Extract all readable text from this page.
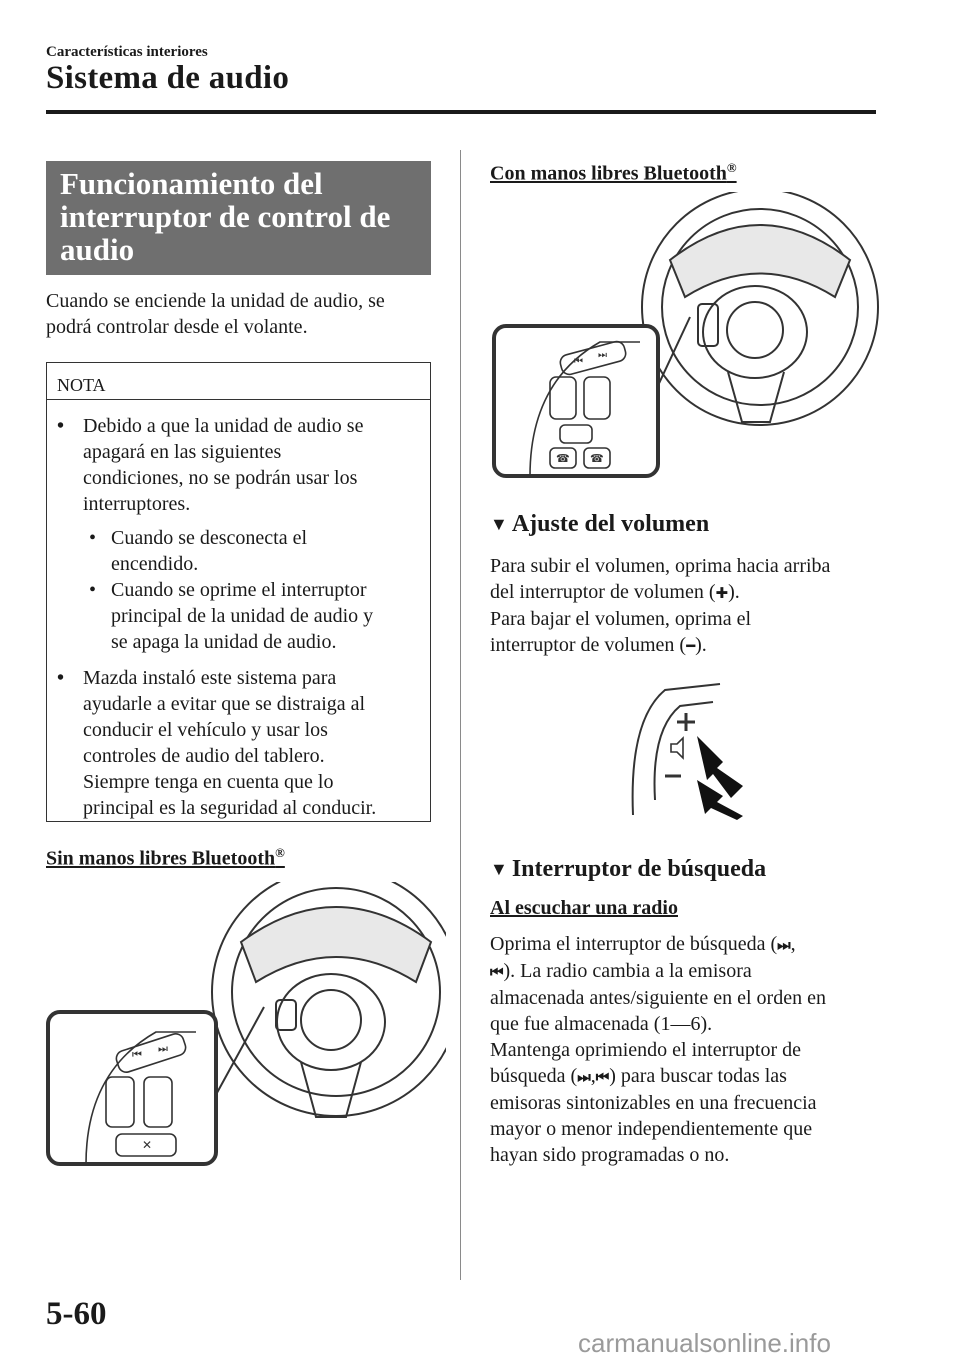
Características interiores
Sistema de audio
Funcionamiento del
interruptor de control de
audio
Cuando se enciende la unidad de audio, se
podrá controlar desde el volante.
NOTA
• Debido a que la unidad de audio se
apagará en las siguientes
condiciones, no se podrán usar los
interruptores.
• Cuando se desconecta el
encendido.
• Cuando se oprime el interruptor
principal de la unidad de audio y
se apaga la unidad de audio.
• Mazda instaló este sistema para
ayudarle a evitar que se distraiga al
conducir el vehículo y usar los
controles de audio del tablero.
Siempre tenga en cuenta que lo
principal es la seguridad al conducir.
Sin manos libres Bluetooth®
⏮ ⏭
✕
Con manos libres Bluetooth®
⏮
⏭
☎ ☎
▼ Ajuste del volumen
Para subir el volumen, oprima hacia arriba
del interruptor de volumen (✚).
Para bajar el volumen, oprima el
interruptor de volumen (━).
▼ Interruptor de búsqueda
Al escuchar una radio
Oprima el interruptor de búsqueda (⏭,
⏮). La radio cambia a la emisora
almacenada antes/siguiente en el orden en
que fue almacenada (1―6).
Mantenga oprimiendo el interruptor de
búsqueda (⏭,⏮) para buscar todas las
emisoras sintonizables en una frecuencia
mayor o menor independientemente que
hayan sido programadas o no.
5-60
carmanualsonline.info
